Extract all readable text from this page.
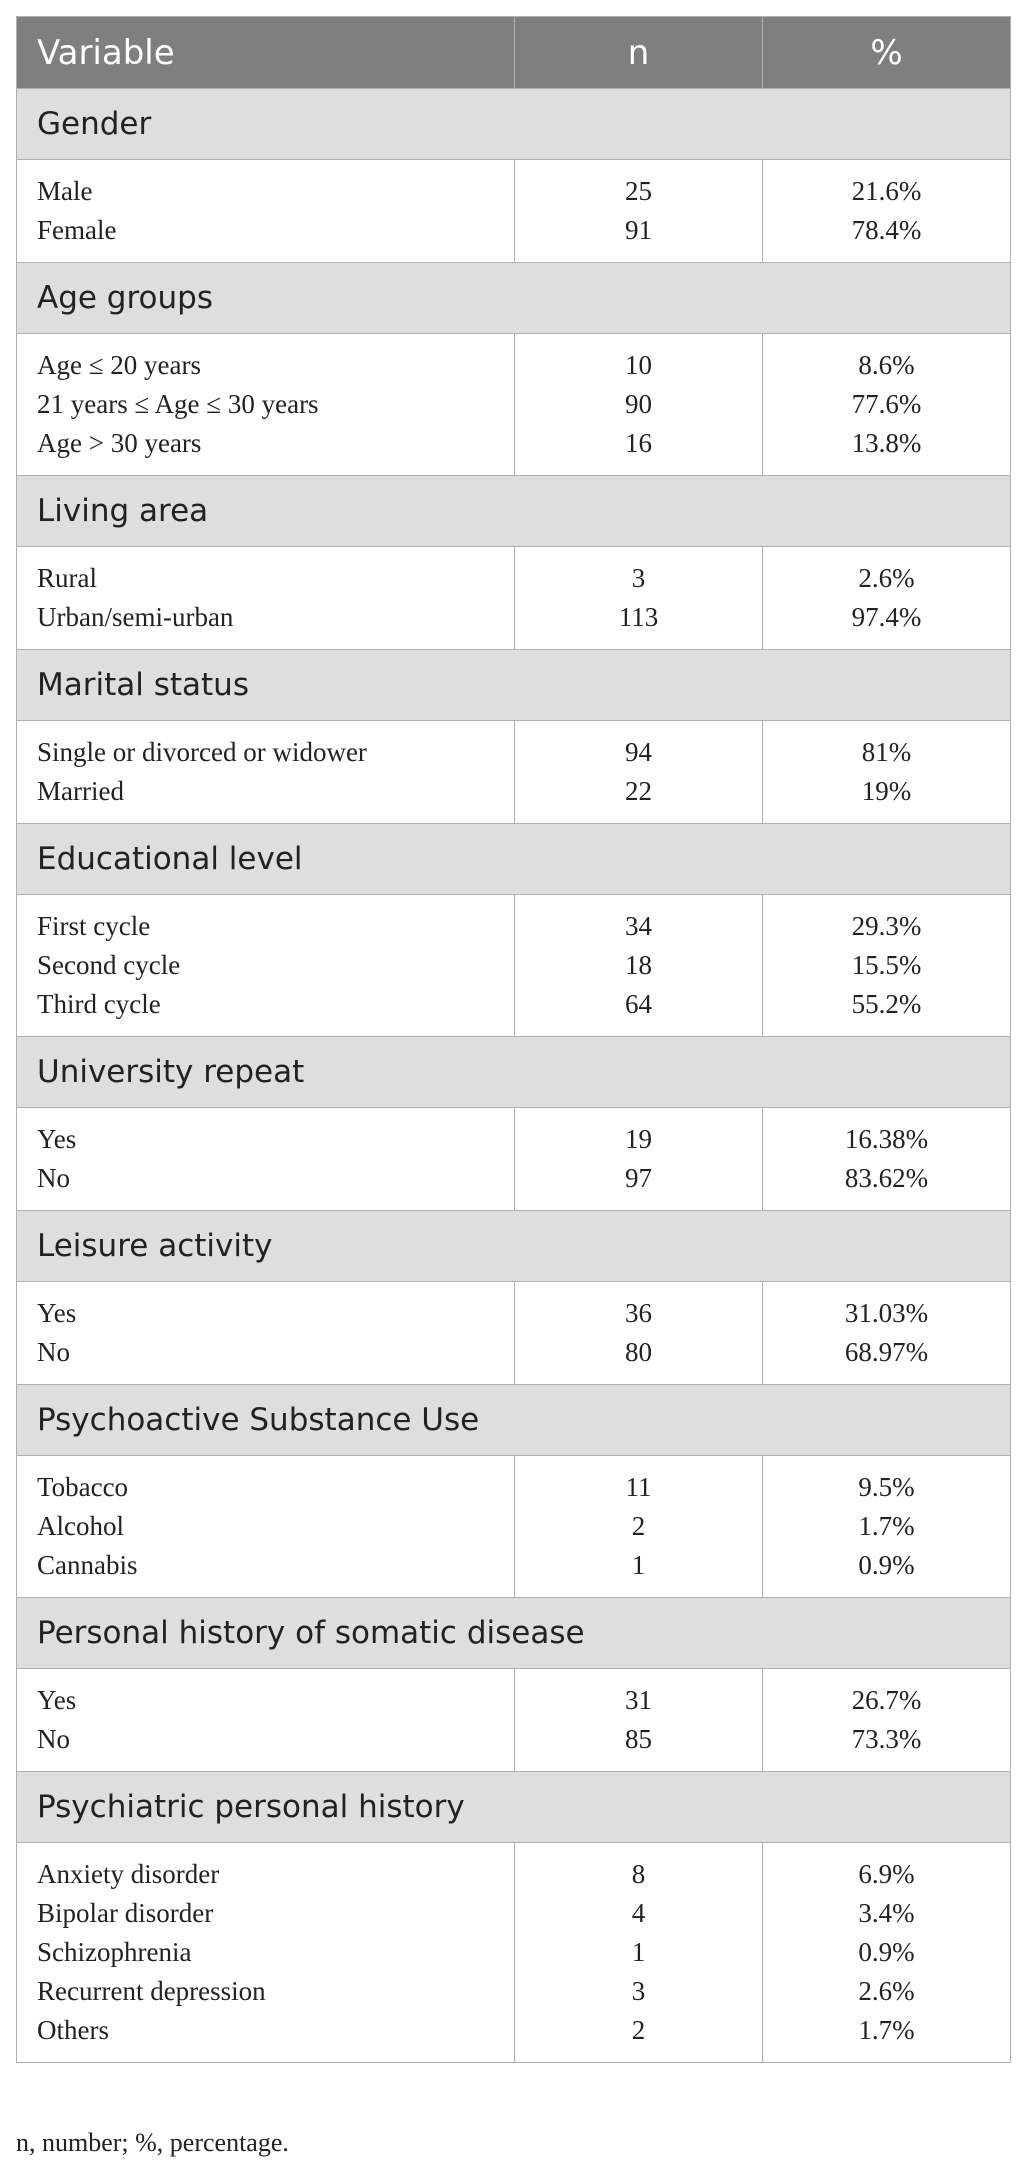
Variable	n	%
Gender		
Male	25	21.6%
Female	91	78.4%
Age groups		
Age ≤ 20 years	10	8.6%
21 years ≤ Age ≤ 30 years	90	77.6%
Age > 30 years	16	13.8%
Living area		
Rural	3	2.6%
Urban/semi-urban	113	97.4%
Marital status		
Single or divorced or widower	94	81%
Married	22	19%
Educational level		
First cycle	34	29.3%
Second cycle	18	15.5%
Third cycle	64	55.2%
University repeat		
Yes	19	16.38%
No	97	83.62%
Leisure activity		
Yes	36	31.03%
No	80	68.97%
Psychoactive Substance Use		
Tobacco	11	9.5%
Alcohol	2	1.7%
Cannabis	1	0.9%
Personal history of somatic disease		
Yes	31	26.7%
No	85	73.3%
Psychiatric personal history		
Anxiety disorder	8	6.9%
Bipolar disorder	4	3.4%
Schizophrenia	1	0.9%
Recurrent depression	3	2.6%
Others	2	1.7%
n, number; %, percentage.
